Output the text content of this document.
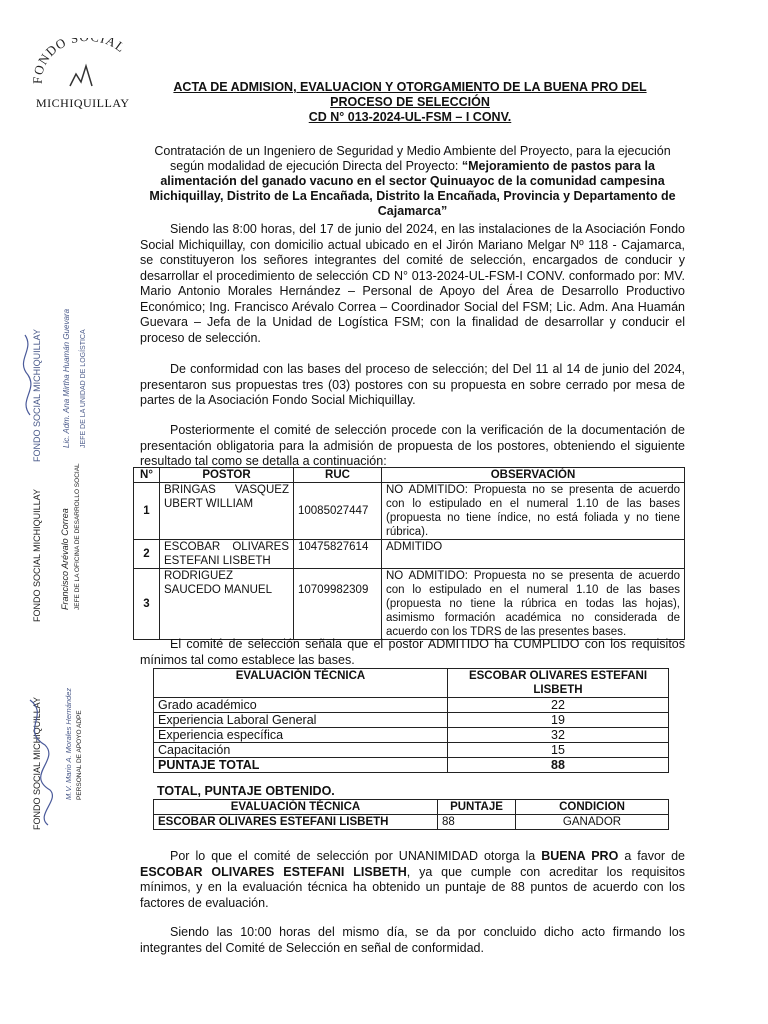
FONDO S IAL
MICHIQUILLAY
ACTA DE ADMISION, EVALUACION Y OTORGAMIENTO DE LA BUENA PRO DEL
PROCESO DE SELECCIÓN
CD N° 013-2024-UL-FSM – I CONV.
Contratación de un Ingeniero de Seguridad y Medio Ambiente del Proyecto, para la ejecución según modalidad de ejecución Directa del Proyecto: “Mejoramiento de pastos para la alimentación del ganado vacuno en el sector Quinuayoc de la comunidad campesina Michiquillay, Distrito de La Encañada, Distrito la Encañada, Provincia y Departamento de Cajamarca”

Siendo las 8:00 horas, del 17 de junio del 2024, en las instalaciones de la Asociación Fondo Social Michiquillay, con domicilio actual ubicado en el Jirón Mariano Melgar Nº 118 - Cajamarca, se constituyeron los señores integrantes del comité de selección, encargados de conducir y desarrollar el procedimiento de selección CD N° 013-2024-UL-FSM-I CONV. conformado por: MV. Mario Antonio Morales Hernández – Personal de Apoyo del Área de Desarrollo Productivo Económico; Ing. Francisco Arévalo Correa – Coordinador Social del FSM; Lic. Adm. Ana Huamán Guevara – Jefa de la Unidad de Logística FSM; con la finalidad de desarrollar y conducir el proceso de selección.

De conformidad con las bases del proceso de selección; del Del 11 al 14 de junio del 2024, presentaron sus propuestas tres (03) postores con su propuesta en sobre cerrado por mesa de partes de la Asociación Fondo Social Michiquillay.

Posteriormente el comité de selección procede con la verificación de la documentación de presentación obligatoria para la admisión de propuesta de los postores, obteniendo el siguiente resultado tal como se detalla a continuación:

N°	POSTOR	RUC	OBSERVACIÓN
1	BRINGAS VASQUEZ UBERT WILLIAM	10085027447	NO ADMITIDO: Propuesta no se presenta de acuerdo con lo estipulado en el numeral 1.10 de las bases (propuesta no tiene índice, no está foliada y no tiene rúbrica).
2	ESCOBAR OLIVARES ESTEFANI LISBETH	10475827614	ADMITIDO
3	RODRIGUEZ SAUCEDO MANUEL	10709982309	NO ADMITIDO: Propuesta no se presenta de acuerdo con lo estipulado en el numeral 1.10 de las bases (propuesta no tiene la rúbrica en todas las hojas), asimismo formación académica no considerada de acuerdo con los TDRS de las presentes bases.

El comité de selección señala que el postor ADMITIDO ha CUMPLIDO con los requisitos mínimos tal como establece las bases.

EVALUACIÓN TÉCNICA	ESCOBAR OLIVARES ESTEFANI LISBETH
Grado académico	22
Experiencia Laboral General	19
Experiencia específica	32
Capacitación	15
PUNTAJE TOTAL	88
TOTAL, PUNTAJE OBTENIDO.
EVALUACIÓN TÉCNICA	PUNTAJE	CONDICION
ESCOBAR OLIVARES ESTEFANI LISBETH	88	GANADOR

Por lo que el comité de selección por UNANIMIDAD otorga la BUENA PRO a favor de ESCOBAR OLIVARES ESTEFANI LISBETH, ya que cumple con acreditar los requisitos mínimos, y en la evaluación técnica ha obtenido un puntaje de 88 puntos de acuerdo con los factores de evaluación.

Siendo las 10:00 horas del mismo día, se da por concluido dicho acto firmando los integrantes del Comité de Selección en señal de conformidad.

FONDO SOCIAL MICHIQUILLAY	Lic. Adm. Ana Mirtha Huamán Guevara JEFE DE LA UNIDAD DE LOGÍSTICA
FONDO SOCIAL MICHIQUILLAY Francisco Arévalo Correa JEFE DE LA OFICINA DE DESARROLLO SOCIAL
FONDO SOCIAL MICHIQUILLAY	M.V. Mario A. Morales Hernández PERSONAL DE APOYO ADPE
